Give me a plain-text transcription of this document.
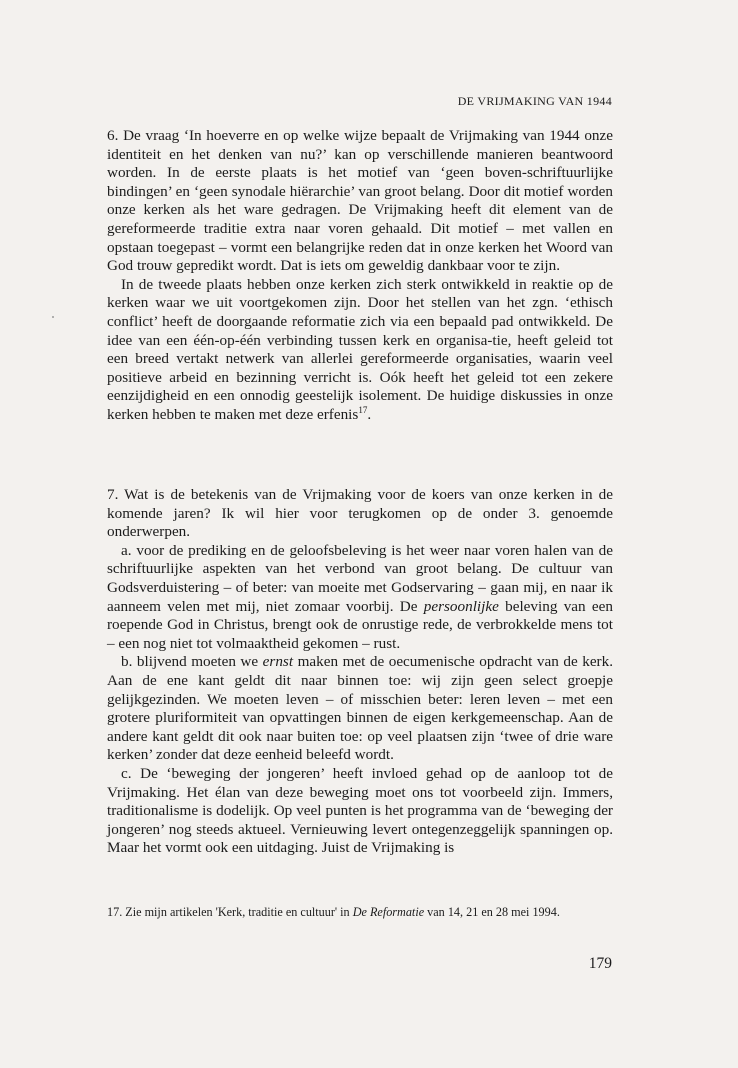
DE VRIJMAKING VAN 1944

6. De vraag ‘In hoeverre en op welke wijze bepaalt de Vrijmaking van 1944 onze identiteit en het denken van nu?’ kan op verschillende manieren beantwoord worden. In de eerste plaats is het motief van ‘geen boven-schriftuurlijke bindingen’ en ‘geen synodale hiërarchie’ van groot belang. Door dit motief worden onze kerken als het ware gedragen. De Vrijmaking heeft dit element van de gereformeerde traditie extra naar voren gehaald. Dit motief – met vallen en opstaan toegepast – vormt een belangrijke reden dat in onze kerken het Woord van God trouw gepredikt wordt. Dat is iets om geweldig dankbaar voor te zijn.

In de tweede plaats hebben onze kerken zich sterk ontwikkeld in reaktie op de kerken waar we uit voortgekomen zijn. Door het stellen van het zgn. ‘ethisch conflict’ heeft de doorgaande reformatie zich via een bepaald pad ontwikkeld. De idee van een één-op-één verbinding tussen kerk en organisa-tie, heeft geleid tot een breed vertakt netwerk van allerlei gereformeerde organisaties, waarin veel positieve arbeid en bezinning verricht is. Oók heeft het geleid tot een zekere eenzijdigheid en een onnodig geestelijk isolement. De huidige diskussies in onze kerken hebben te maken met deze erfenis$^{17}$.

7. Wat is de betekenis van de Vrijmaking voor de koers van onze kerken in de komende jaren? Ik wil hier voor terugkomen op de onder 3. genoemde onderwerpen.

a. voor de prediking en de geloofsbeleving is het weer naar voren halen van de schriftuurlijke aspekten van het verbond van groot belang. De cultuur van Godsverduistering – of beter: van moeite met Godservaring – gaan mij, en naar ik aanneem velen met mij, niet zomaar voorbij. De persoonlijke beleving van een roepende God in Christus, brengt ook de onrustige rede, de verbrokkelde mens tot – een nog niet tot volmaaktheid gekomen – rust.

b. blijvend moeten we ernst maken met de oecumenische opdracht van de kerk. Aan de ene kant geldt dit naar binnen toe: wij zijn geen select groepje gelijkgezinden. We moeten leven – of misschien beter: leren leven – met een grotere pluriformiteit van opvattingen binnen de eigen kerkgemeenschap. Aan de andere kant geldt dit ook naar buiten toe: op veel plaatsen zijn ‘twee of drie ware kerken’ zonder dat deze eenheid beleefd wordt.

c. De ‘beweging der jongeren’ heeft invloed gehad op de aanloop tot de Vrijmaking. Het élan van deze beweging moet ons tot voorbeeld zijn. Immers, traditionalisme is dodelijk. Op veel punten is het programma van de ‘beweging der jongeren’ nog steeds aktueel. Vernieuwing levert ontegenzeggelijk spanningen op. Maar het vormt ook een uitdaging. Juist de Vrijmaking is

17. Zie mijn artikelen 'Kerk, traditie en cultuur' in De Reformatie van 14, 21 en 28 mei 1994.
179
